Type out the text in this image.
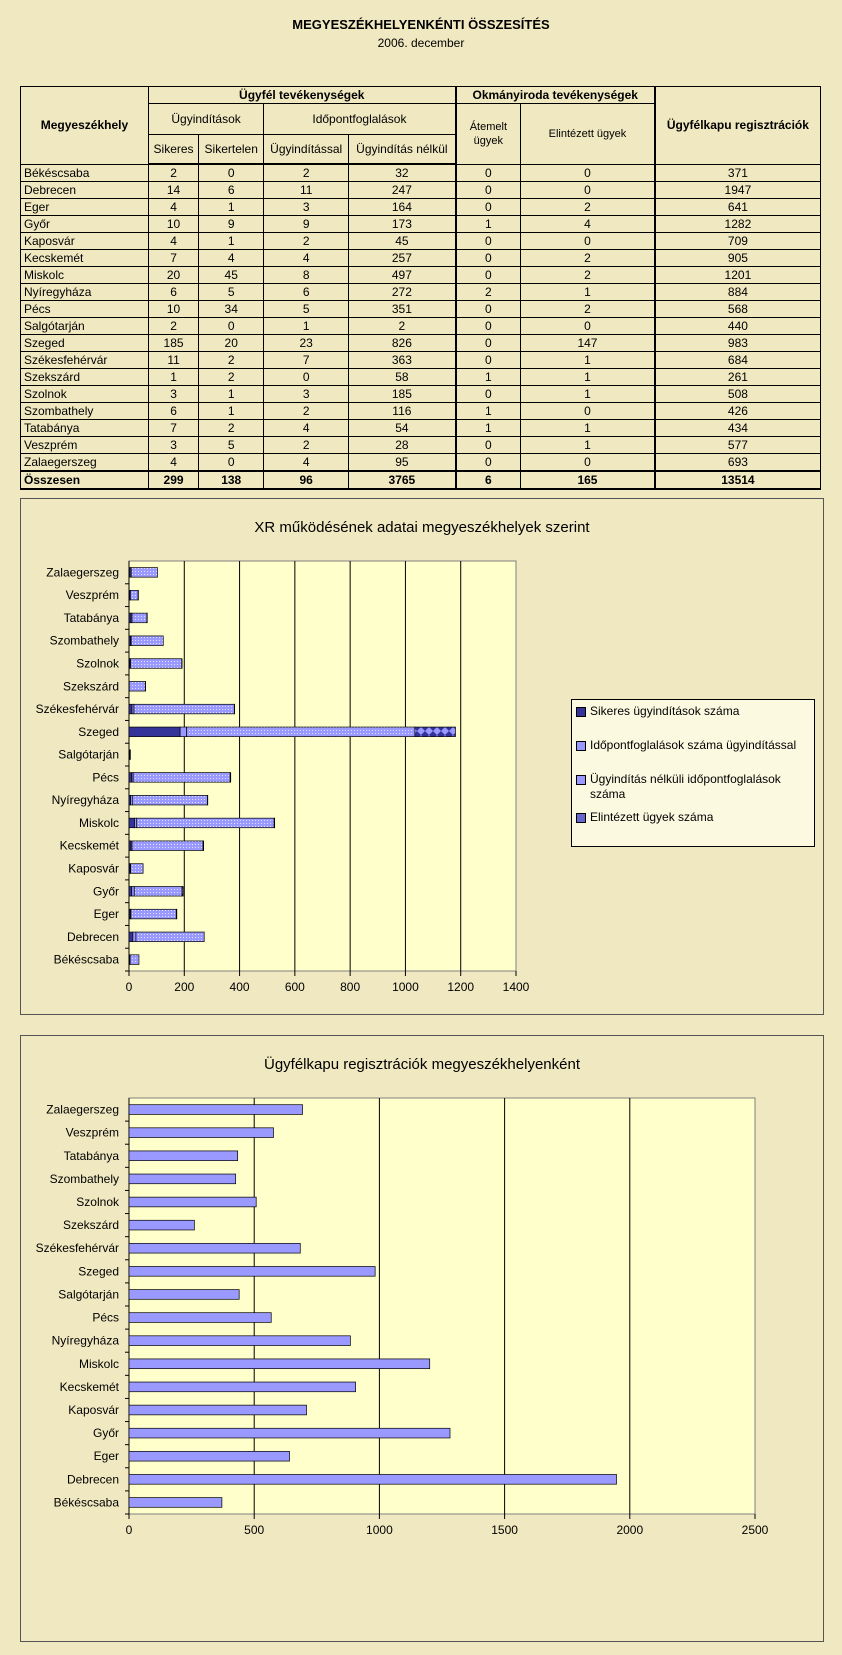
MEGYESZÉKHELYENKÉNTI ÖSSZESÍTÉS
2006. december
Megyeszékhely	Ügyfél tevékenységek				Okmányiroda tevékenységek		Ügyfélkapu regisztrációk
	Ügyindítások		Időpontfoglalások		Átemelt ügyek	Elintézett ügyek	
	Sikeres	Sikertelen	Ügyindítással	Ügyindítás nélkül			
Békéscsaba	2	0	2	32	0	0	371
Debrecen	14	6	11	247	0	0	1947
Eger	4	1	3	164	0	2	641
Győr	10	9	9	173	1	4	1282
Kaposvár	4	1	2	45	0	0	709
Kecskemét	7	4	4	257	0	2	905
Miskolc	20	45	8	497	0	2	1201
Nyíregyháza	6	5	6	272	2	1	884
Pécs	10	34	5	351	0	2	568
Salgótarján	2	0	1	2	0	0	440
Szeged	185	20	23	826	0	147	983
Székesfehérvár	11	2	7	363	0	1	684
Szekszárd	1	2	0	58	1	1	261
Szolnok	3	1	3	185	0	1	508
Szombathely	6	1	2	116	1	0	426
Tatabánya	7	2	4	54	1	1	434
Veszprém	3	5	2	28	0	1	577
Zalaegerszeg	4	0	4	95	0	0	693
Összesen	299	138	96	3765	6	165	13514
XR működésének adatai megyeszékhelyek szerint
0	200	400	600	800	1000 1200 1400
Békéscsaba
Debrecen
Eger
Győr
Kaposvár
Kecskemét
Miskolc
Nyíregyháza
Pécs
Salgótarján
Szeged
Székesfehérvár
Szekszárd
Szolnok
Szombathely
Tatabánya
Veszprém
Zalaegerszeg
Sikeres ügyindítások száma
Időpontfoglalások száma ügyindítással
Ügyindítás nélküli időpontfoglalások száma
Elintézett ügyek száma
Ügyfélkapu regisztrációk megyeszékhelyenként
0	500	1000	1500	2000	2500
Békéscsaba
Debrecen
Eger
Győr
Kaposvár
Kecskemét
Miskolc
Nyíregyháza
Pécs
Salgótarján
Szeged
Székesfehérvár
Szekszárd
Szolnok
Szombathely
Tatabánya
Veszprém
Zalaegerszeg
